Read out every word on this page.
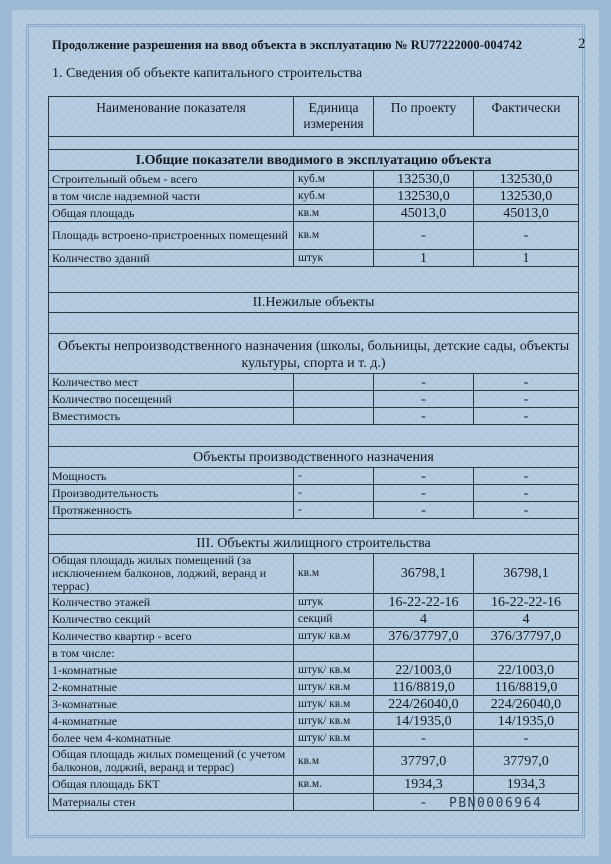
Продолжение разрешения на ввод объекта в эксплуатацию № RU77222000-004742	2
1. Сведения об объекте капитального строительства
Наименование показателя	Единица измерения	По проекту	Фактически

I.Общие показатели вводимого в эксплуатацию объекта			
Строительный объем - всего	куб.м	132530,0	132530,0
в том числе надземной части	куб.м	132530,0	132530,0
Общая площадь	кв.м	45013,0	45013,0
Площадь встроено-пристроенных помещений	кв.м	-	-
Количество зданий	штук	1	1

II.Нежилые объекты			

Объекты непроизводственного назначения (школы, больницы, детские сады, объекты культуры, спорта и т. д.)			
Количество мест		-	-
Количество посещений		-	-
Вместимость		-	-

Объекты производственного назначения			
Мощность	-	-	-
Производительность	-	-	-
Протяженность	-	-	-

III. Объекты жилищного строительства			
Общая площадь жилых помещений (за исключением балконов, лоджий, веранд и террас)	кв.м	36798,1	36798,1
Количество этажей	штук	16-22-22-16	16-22-22-16
Количество секций	секций	4	4
Количество квартир - всего	штук/ кв.м	376/37797,0	376/37797,0
в том числе:			
1-комнатные	штук/ кв.м	22/1003,0	22/1003,0
2-комнатные	штук/ кв.м	116/8819,0	116/8819,0
3-комнатные	штук/ кв.м	224/26040,0	224/26040,0
4-комнатные	штук/ кв.м	14/1935,0	14/1935,0
более чем 4-комнатные	штук/ кв.м	-	-
Общая площадь жилых помещений (с учетом балконов, лоджий, веранд и террас)	кв.м	37797,0	37797,0
Общая площадь БКТ	кв.м.	1934,3	1934,3
Материалы стен		-	PBN0006964
